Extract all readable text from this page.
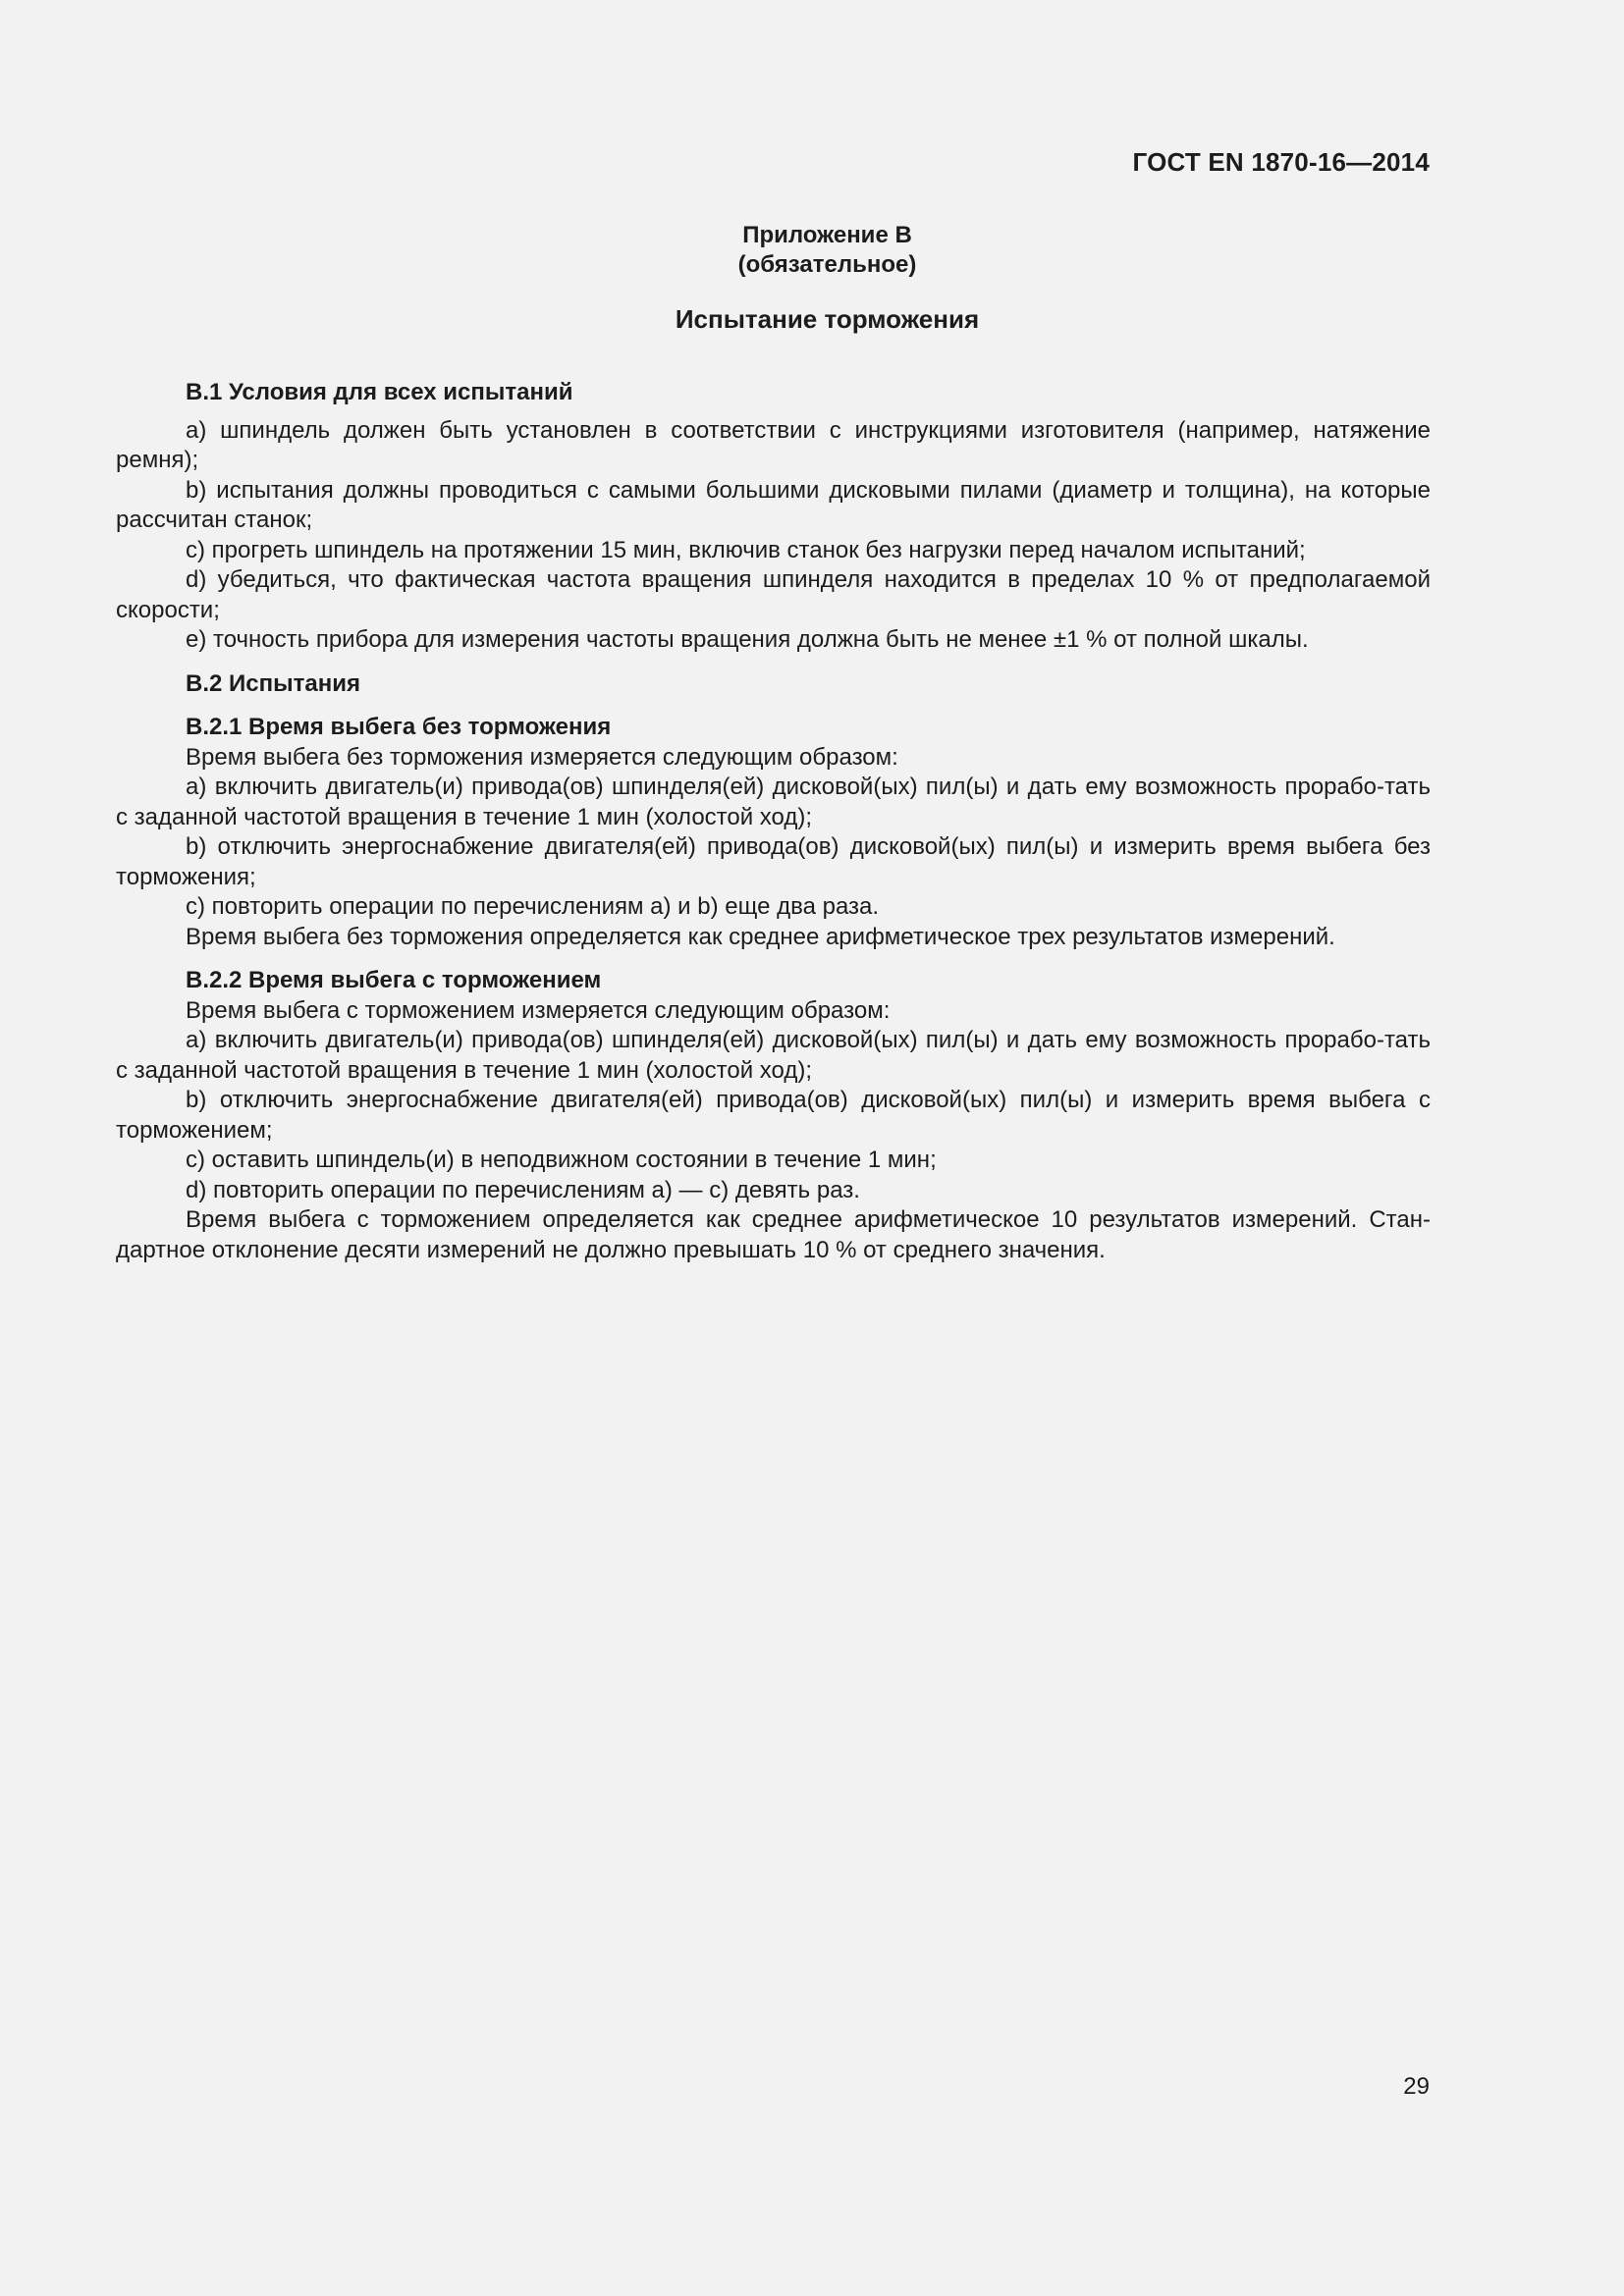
ГОСТ EN 1870-16—2014
Приложение В
(обязательное)
Испытание торможения
В.1 Условия для всех испытаний

a) шпиндель должен быть установлен в соответствии с инструкциями изготовителя (например, натяжение ремня);

b) испытания должны проводиться с самыми большими дисковыми пилами (диаметр и толщина), на которые рассчитан станок;

c) прогреть шпиндель на протяжении 15 мин, включив станок без нагрузки перед началом испытаний;

d) убедиться, что фактическая частота вращения шпинделя находится в пределах 10 % от предполагаемой скорости;

e) точность прибора для измерения частоты вращения должна быть не менее ±1 % от полной шкалы.

В.2 Испытания
В.2.1 Время выбега без торможения

Время выбега без торможения измеряется следующим образом:

a) включить двигатель(и) привода(ов) шпинделя(ей) дисковой(ых) пил(ы) и дать ему возможность прорабо-тать с заданной частотой вращения в течение 1 мин (холостой ход);

b) отключить энергоснабжение двигателя(ей) привода(ов) дисковой(ых) пил(ы) и измерить время выбега без торможения;

c) повторить операции по перечислениям a) и b) еще два раза.

Время выбега без торможения определяется как среднее арифметическое трех результатов измерений.

В.2.2 Время выбега с торможением

Время выбега с торможением измеряется следующим образом:

a) включить двигатель(и) привода(ов) шпинделя(ей) дисковой(ых) пил(ы) и дать ему возможность прорабо-тать с заданной частотой вращения в течение 1 мин (холостой ход);

b) отключить энергоснабжение двигателя(ей) привода(ов) дисковой(ых) пил(ы) и измерить время выбега с торможением;

c) оставить шпиндель(и) в неподвижном состоянии в течение 1 мин;

d) повторить операции по перечислениям a) — c) девять раз.

Время выбега с торможением определяется как среднее арифметическое 10 результатов измерений. Стан-дартное отклонение десяти измерений не должно превышать 10 % от среднего значения.

29
